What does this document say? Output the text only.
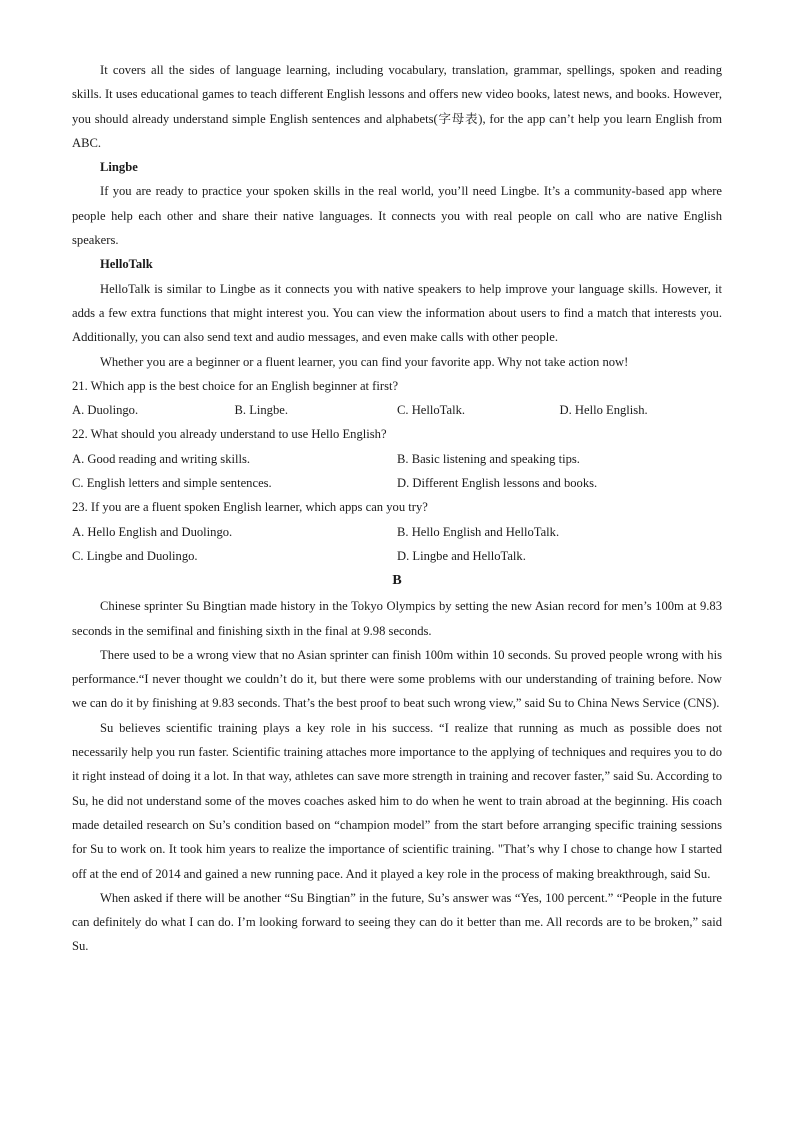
It covers all the sides of language learning, including vocabulary, translation, grammar, spellings, spoken and reading skills. It uses educational games to teach different English lessons and offers new video books, latest news, and books. However, you should already understand simple English sentences and alphabets(字母表), for the app can’t help you learn English from ABC.

Lingbe

If you are ready to practice your spoken skills in the real world, you’ll need Lingbe. It’s a community-based app where people help each other and share their native languages. It connects you with real people on call who are native English speakers.

HelloTalk

HelloTalk is similar to Lingbe as it connects you with native speakers to help improve your language skills. However, it adds a few extra functions that might interest you. You can view the information about users to find a match that interests you. Additionally, you can also send text and audio messages, and even make calls with other people.

Whether you are a beginner or a fluent learner, you can find your favorite app. Why not take action now!

21. Which app is the best choice for an English beginner at first?

A. Duolingo.	B. Lingbe.	C. HelloTalk.	D. Hello English.

22. What should you already understand to use Hello English?

A. Good reading and writing skills.	B. Basic listening and speaking tips.
C. English letters and simple sentences.	D. Different English lessons and books.

23. If you are a fluent spoken English learner, which apps can you try?

A. Hello English and Duolingo.	B. Hello English and HelloTalk.
C. Lingbe and Duolingo.	D. Lingbe and HelloTalk.

B

Chinese sprinter Su Bingtian made history in the Tokyo Olympics by setting the new Asian record for men’s 100m at 9.83 seconds in the semifinal and finishing sixth in the final at 9.98 seconds.

There used to be a wrong view that no Asian sprinter can finish 100m within 10 seconds. Su proved people wrong with his performance.“I never thought we couldn’t do it, but there were some problems with our understanding of training before. Now we can do it by finishing at 9.83 seconds. That’s the best proof to beat such wrong view,” said Su to China News Service (CNS).

Su believes scientific training plays a key role in his success. “I realize that running as much as possible does not necessarily help you run faster. Scientific training attaches more importance to the applying of techniques and requires you to do it right instead of doing it a lot. In that way, athletes can save more strength in training and recover faster,” said Su. According to Su, he did not understand some of the moves coaches asked him to do when he went to train abroad at the beginning. His coach made detailed research on Su’s condition based on “champion model” from the start before arranging specific training sessions for Su to work on. It took him years to realize the importance of scientific training. "That’s why I chose to change how I started off at the end of 2014 and gained a new running pace. And it played a key role in the process of making breakthrough, said Su.

When asked if there will be another “Su Bingtian” in the future, Su’s answer was “Yes, 100 percent.” “People in the future can definitely do what I can do. I’m looking forward to seeing they can do it better than me. All records are to be broken,” said Su.
